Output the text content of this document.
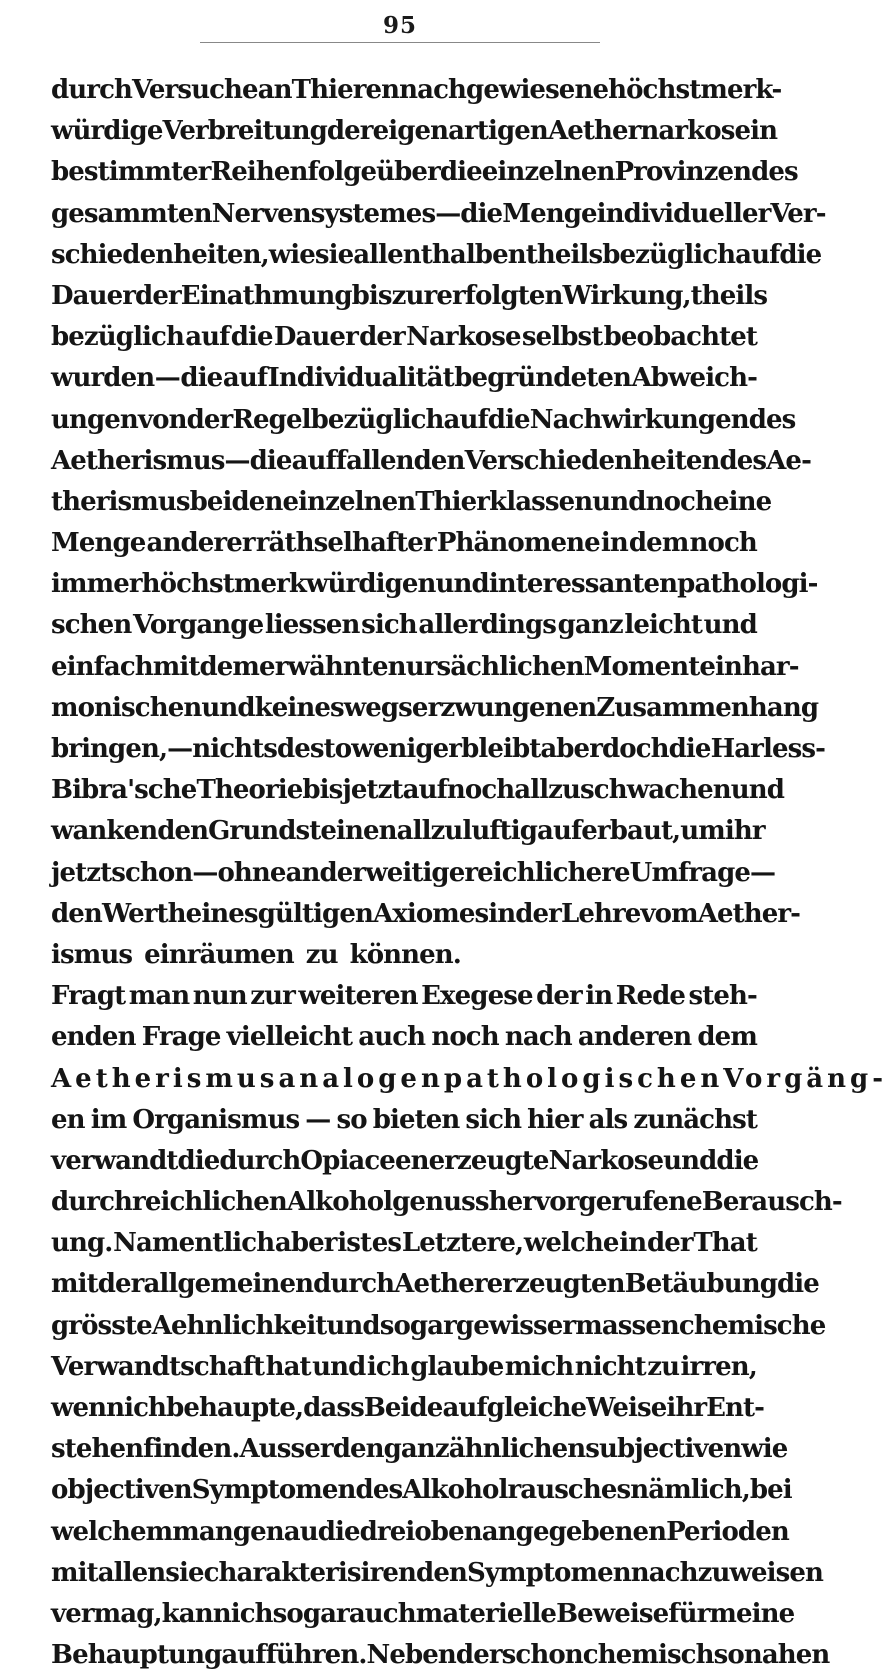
95
durch Versuche an Thieren nachgewiesene höchst merk-
würdige Verbreitung der eigenartigen Aethernarkose in
bestimmter Reihenfolge über die einzelnen Provinzen des
gesammten Nervensystemes — die Menge individueller Ver-
schiedenheiten, wie sie allenthalben theils bezüglich auf die
Dauer der Einathmung bis zur erfolgten Wirkung, theils
bezüglich auf die Dauer der Narkose selbst beobachtet
wurden — die auf Individualität begründeten Abweich-
ungen von der Regel bezüglich auf die Nachwirkungen des
Aetherismus — die auffallenden Verschiedenheiten des Ae-
therismus bei den einzelnen Thierklassen und noch eine
Menge anderer räthselhafter Phänomene in dem noch
immer höchst merkwürdigen und interessanten pathologi-
schen Vorgange liessen sich allerdings ganz leicht und
einfach mit dem erwähnten ursächlichen Momente in har-
monischen und keineswegs erzwungenen Zusammenhang
bringen, — nichts desto weniger bleibt aber doch die Harless-
Bibra'sche Theorie bis jetzt auf noch allzuschwachen und
wankenden Grundsteinen allzuluftig auferbaut, um ihr
jetzt schon — ohne anderweitige reichlichere Umfrage —
den Werth eines gültigen Axiomes in der Lehre vom Aether-
ismus einräumen zu können.
Fragt man nun zur weiteren Exegese der in Rede steh-
enden Frage vielleicht auch noch nach anderen dem
Aetherismus analogen pathologischen Vorgäng-
en im Organismus — so bieten sich hier als zunächst
verwandt die durch Opiaceen erzeugte Narkose und die
durch reichlichen Alkoholgenuss hervorgerufene Berausch-
ung. Namentlich aber ist es Letztere, welche in der That
mit der allgemeinen durch Aether erzeugten Betäubung die
grösste Aehnlichkeit und sogar gewissermassen chemische
Verwandtschaft hat und ich glaube mich nicht zu irren,
wenn ich behaupte, dass Beide auf gleiche Weise ihr Ent-
stehen finden. Ausser den ganz ähnlichen subjectiven wie
objectiven Symptomen des Alkoholrausches nämlich, bei
welchem man genau die drei oben angegebenen Perioden
mit allen sie charakterisirenden Symptomen nachzuweisen
vermag, kann ich sogar auch materielle Beweise für meine
Behauptung aufführen. Neben der schon chemisch so nahen
